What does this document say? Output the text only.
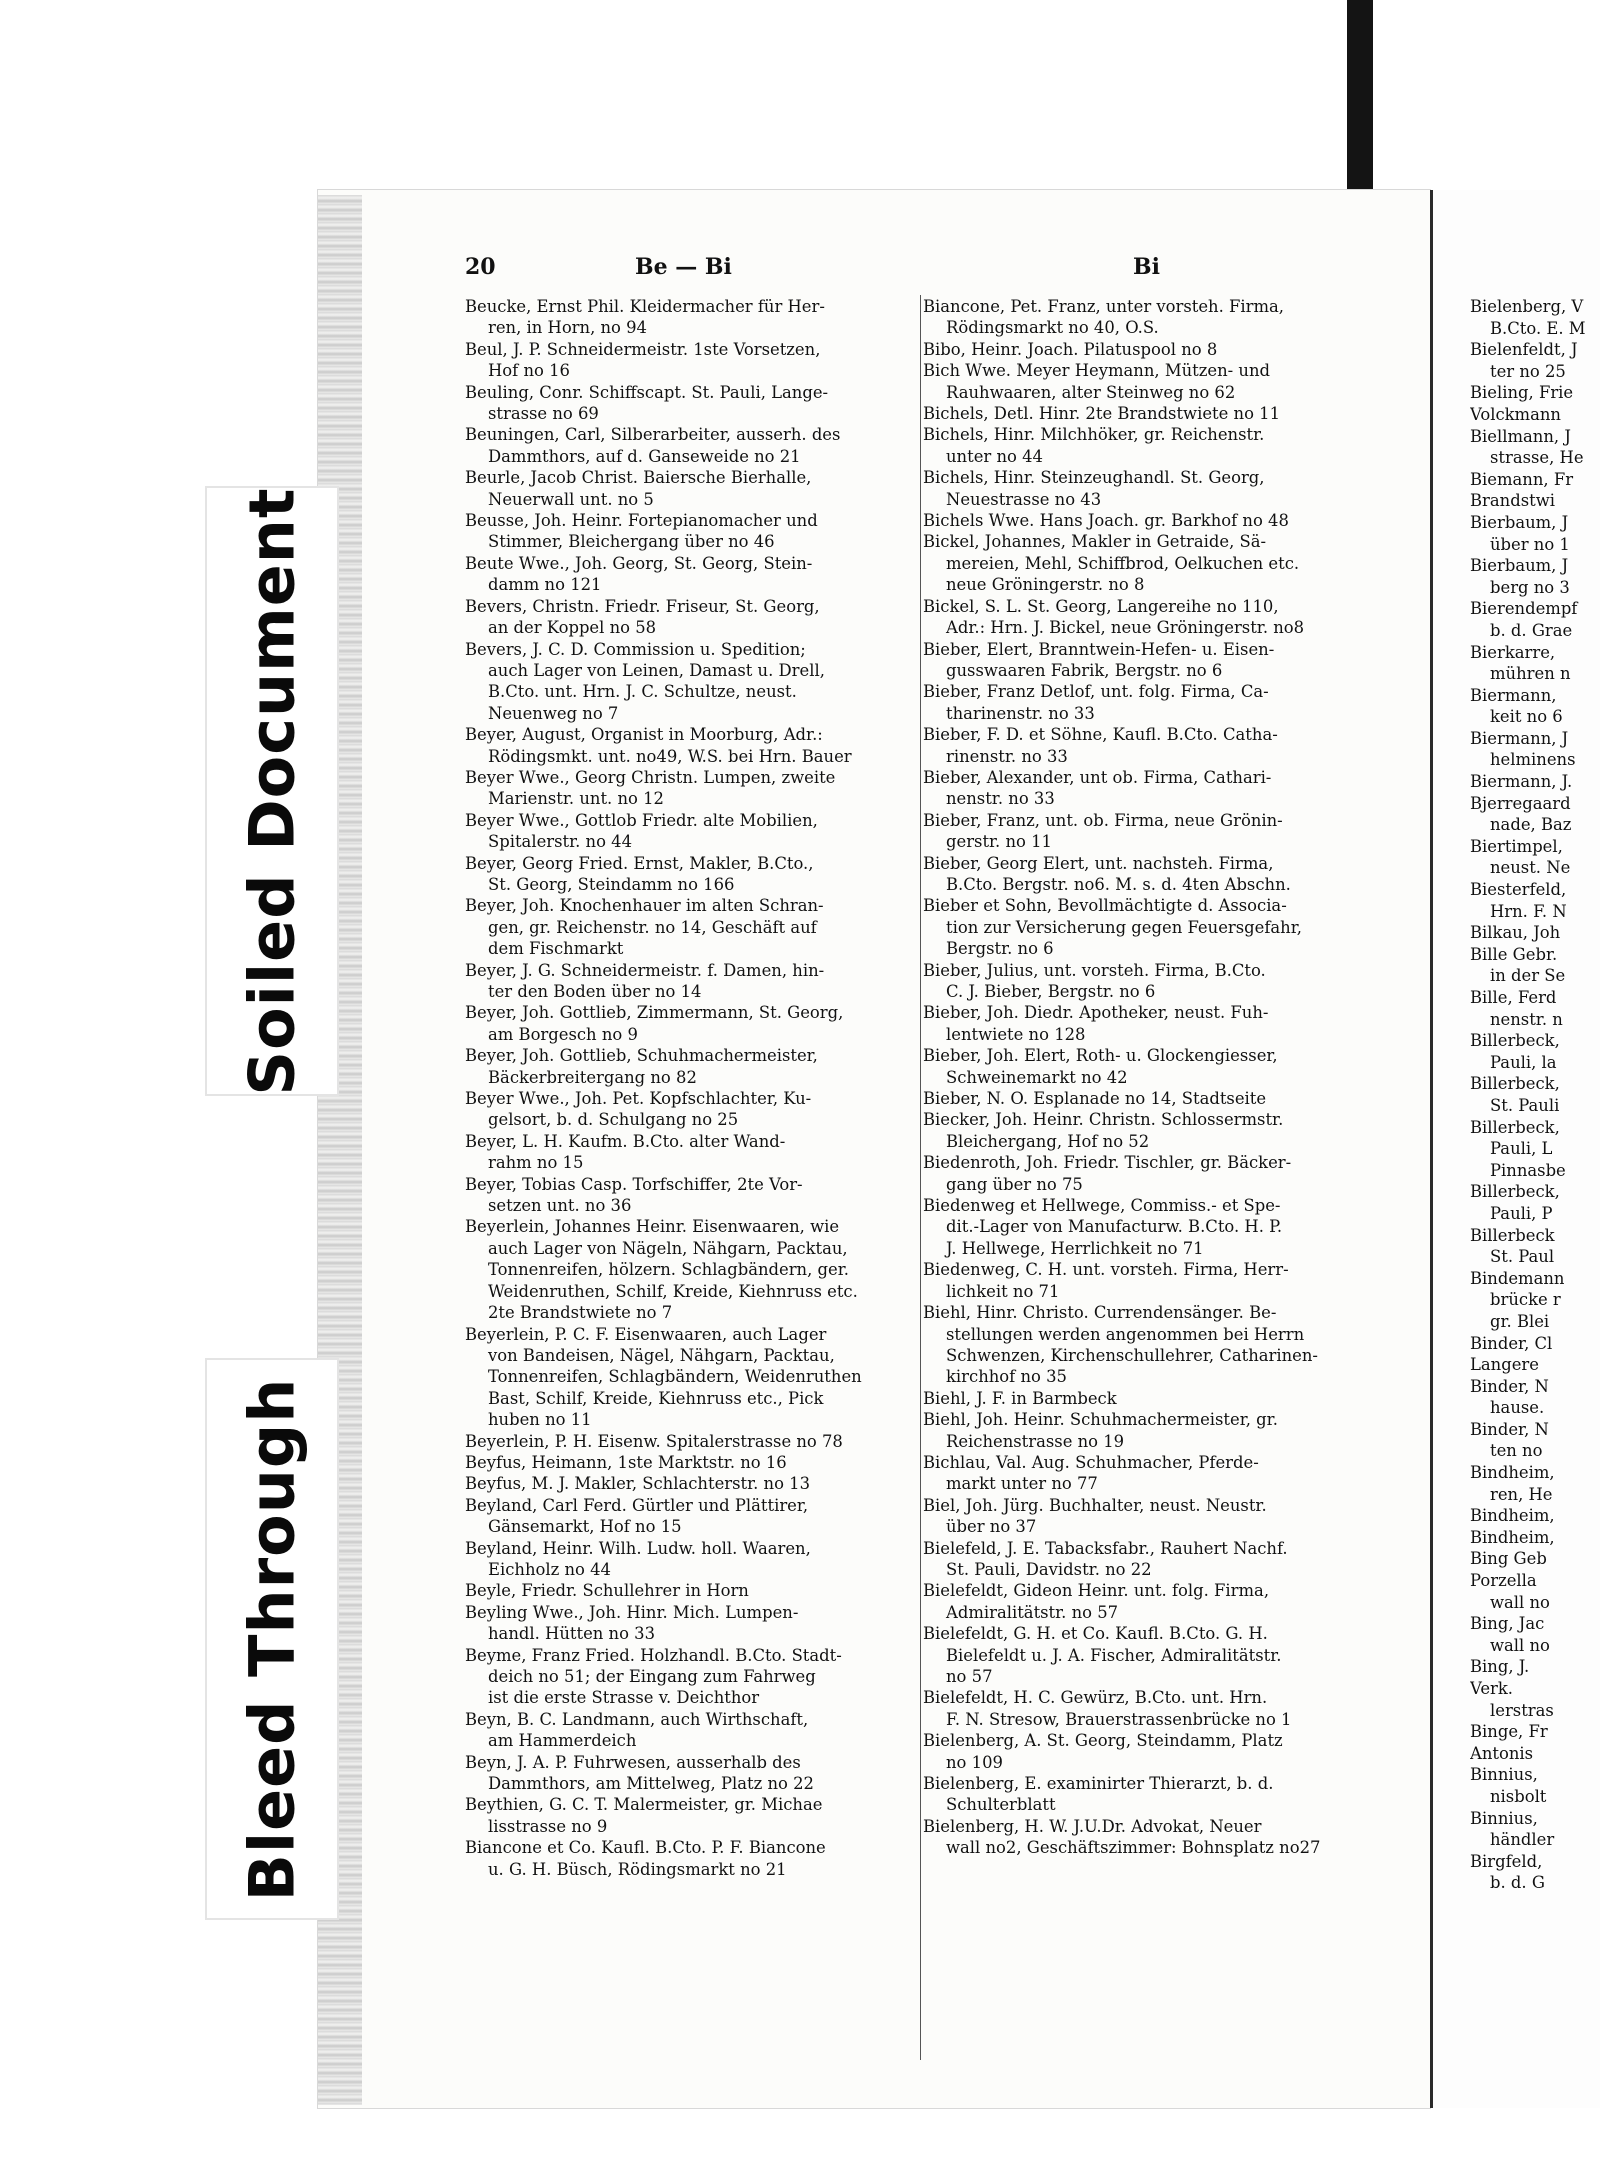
Soiled Document
Bleed Through
20	Be — Bi	Bi
Beucke, Ernst Phil. Kleidermacher für Her-
ren, in Horn, no 94
Beul, J. P. Schneidermeistr. 1ste Vorsetzen,
Hof no 16
Beuling, Conr. Schiffscapt. St. Pauli, Lange-
strasse no 69
Beuningen, Carl, Silberarbeiter, ausserh. des
Dammthors, auf d. Ganseweide no 21
Beurle, Jacob Christ. Baiersche Bierhalle,
Neuerwall unt. no 5
Beusse, Joh. Heinr. Fortepianomacher und
Stimmer, Bleichergang über no 46
Beute Wwe., Joh. Georg, St. Georg, Stein-
damm no 121
Bevers, Christn. Friedr. Friseur, St. Georg,
an der Koppel no 58
Bevers, J. C. D. Commission u. Spedition;
auch Lager von Leinen, Damast u. Drell,
B.Cto. unt. Hrn. J. C. Schultze, neust.
Neuenweg no 7
Beyer, August, Organist in Moorburg, Adr.:
Rödingsmkt. unt. no49, W.S. bei Hrn. Bauer
Beyer Wwe., Georg Christn. Lumpen, zweite
Marienstr. unt. no 12
Beyer Wwe., Gottlob Friedr. alte Mobilien,
Spitalerstr. no 44
Beyer, Georg Fried. Ernst, Makler, B.Cto.,
St. Georg, Steindamm no 166
Beyer, Joh. Knochenhauer im alten Schran-
gen, gr. Reichenstr. no 14, Geschäft auf
dem Fischmarkt
Beyer, J. G. Schneidermeistr. f. Damen, hin-
ter den Boden über no 14
Beyer, Joh. Gottlieb, Zimmermann, St. Georg,
am Borgesch no 9
Beyer, Joh. Gottlieb, Schuhmachermeister,
Bäckerbreitergang no 82
Beyer Wwe., Joh. Pet. Kopfschlachter, Ku-
gelsort, b. d. Schulgang no 25
Beyer, L. H. Kaufm. B.Cto. alter Wand-
rahm no 15
Beyer, Tobias Casp. Torfschiffer, 2te Vor-
setzen unt. no 36
Beyerlein, Johannes Heinr. Eisenwaaren, wie
auch Lager von Nägeln, Nähgarn, Packtau,
Tonnenreifen, hölzern. Schlagbändern, ger.
Weidenruthen, Schilf, Kreide, Kiehnruss etc.
2te Brandstwiete no 7
Beyerlein, P. C. F. Eisenwaaren, auch Lager
von Bandeisen, Nägel, Nähgarn, Packtau,
Tonnenreifen, Schlagbändern, Weidenruthen
Bast, Schilf, Kreide, Kiehnruss etc., Pick
huben no 11
Beyerlein, P. H. Eisenw. Spitalerstrasse no 78
Beyfus, Heimann, 1ste Marktstr. no 16
Beyfus, M. J. Makler, Schlachterstr. no 13
Beyland, Carl Ferd. Gürtler und Plättirer,
Gänsemarkt, Hof no 15
Beyland, Heinr. Wilh. Ludw. holl. Waaren,
Eichholz no 44
Beyle, Friedr. Schullehrer in Horn
Beyling Wwe., Joh. Hinr. Mich. Lumpen-
handl. Hütten no 33
Beyme, Franz Fried. Holzhandl. B.Cto. Stadt-
deich no 51; der Eingang zum Fahrweg
ist die erste Strasse v. Deichthor
Beyn, B. C. Landmann, auch Wirthschaft,
am Hammerdeich
Beyn, J. A. P. Fuhrwesen, ausserhalb des
Dammthors, am Mittelweg, Platz no 22
Beythien, G. C. T. Malermeister, gr. Michae
lisstrasse no 9
Biancone et Co. Kaufl. B.Cto. P. F. Biancone
u. G. H. Büsch, Rödingsmarkt no 21
Biancone, Pet. Franz, unter vorsteh. Firma,
Rödingsmarkt no 40, O.S.
Bibo, Heinr. Joach. Pilatuspool no 8
Bich Wwe. Meyer Heymann, Mützen- und
Rauhwaaren, alter Steinweg no 62
Bichels, Detl. Hinr. 2te Brandstwiete no 11
Bichels, Hinr. Milchhöker, gr. Reichenstr.
unter no 44
Bichels, Hinr. Steinzeughandl. St. Georg,
Neuestrasse no 43
Bichels Wwe. Hans Joach. gr. Barkhof no 48
Bickel, Johannes, Makler in Getraide, Sä-
mereien, Mehl, Schiffbrod, Oelkuchen etc.
neue Gröningerstr. no 8
Bickel, S. L. St. Georg, Langereihe no 110,
Adr.: Hrn. J. Bickel, neue Gröningerstr. no8
Bieber, Elert, Branntwein-Hefen- u. Eisen-
gusswaaren Fabrik, Bergstr. no 6
Bieber, Franz Detlof, unt. folg. Firma, Ca-
tharinenstr. no 33
Bieber, F. D. et Söhne, Kaufl. B.Cto. Catha-
rinenstr. no 33
Bieber, Alexander, unt ob. Firma, Cathari-
nenstr. no 33
Bieber, Franz, unt. ob. Firma, neue Grönin-
gerstr. no 11
Bieber, Georg Elert, unt. nachsteh. Firma,
B.Cto. Bergstr. no6. M. s. d. 4ten Abschn.
Bieber et Sohn, Bevollmächtigte d. Associa-
tion zur Versicherung gegen Feuersgefahr,
Bergstr. no 6
Bieber, Julius, unt. vorsteh. Firma, B.Cto.
C. J. Bieber, Bergstr. no 6
Bieber, Joh. Diedr. Apotheker, neust. Fuh-
lentwiete no 128
Bieber, Joh. Elert, Roth- u. Glockengiesser,
Schweinemarkt no 42
Bieber, N. O. Esplanade no 14, Stadtseite
Biecker, Joh. Heinr. Christn. Schlossermstr.
Bleichergang, Hof no 52
Biedenroth, Joh. Friedr. Tischler, gr. Bäcker-
gang über no 75
Biedenweg et Hellwege, Commiss.- et Spe-
dit.-Lager von Manufacturw. B.Cto. H. P.
J. Hellwege, Herrlichkeit no 71
Biedenweg, C. H. unt. vorsteh. Firma, Herr-
lichkeit no 71
Biehl, Hinr. Christo. Currendensänger. Be-
stellungen werden angenommen bei Herrn
Schwenzen, Kirchenschullehrer, Catharinen-
kirchhof no 35
Biehl, J. F. in Barmbeck
Biehl, Joh. Heinr. Schuhmachermeister, gr.
Reichenstrasse no 19
Bichlau, Val. Aug. Schuhmacher, Pferde-
markt unter no 77
Biel, Joh. Jürg. Buchhalter, neust. Neustr.
über no 37
Bielefeld, J. E. Tabacksfabr., Rauhert Nachf.
St. Pauli, Davidstr. no 22
Bielefeldt, Gideon Heinr. unt. folg. Firma,
Admiralitätstr. no 57
Bielefeldt, G. H. et Co. Kaufl. B.Cto. G. H.
Bielefeldt u. J. A. Fischer, Admiralitätstr.
no 57
Bielefeldt, H. C. Gewürz, B.Cto. unt. Hrn.
F. N. Stresow, Brauerstrassenbrücke no 1
Bielenberg, A. St. Georg, Steindamm, Platz
no 109
Bielenberg, E. examinirter Thierarzt, b. d.
Schulterblatt
Bielenberg, H. W. J.U.Dr. Advokat, Neuer
wall no2, Geschäftszimmer: Bohnsplatz no27
Bielenberg, V
B.Cto. E. M
Bielenfeldt, J
ter no 25
Bieling, Frie
Volckmann
Biellmann, J
strasse, He
Biemann, Fr
Brandstwi
Bierbaum, J
über no 1
Bierbaum, J
berg no 3
Bierendempf
b. d. Grae
Bierkarre,
mühren n
Biermann,
keit no 6
Biermann, J
helminens
Biermann, J.
Bjerregaard
nade, Baz
Biertimpel,
neust. Ne
Biesterfeld,
Hrn. F. N
Bilkau, Joh
Bille Gebr.
in der Se
Bille, Ferd
nenstr. n
Billerbeck,
Pauli, la
Billerbeck,
St. Pauli
Billerbeck,
Pauli, L
Pinnasbe
Billerbeck,
Pauli, P
Billerbeck
St. Paul
Bindemann
brücke r
gr. Blei
Binder, Cl
Langere
Binder, N
hause.
Binder, N
ten no
Bindheim,
ren, He
Bindheim,
Bindheim,
Bing Geb
Porzella
wall no
Bing, Jac
wall no
Bing, J.
Verk.
lerstras
Binge, Fr
Antonis
Binnius,
nisbolt
Binnius,
händler
Birgfeld,
b. d. G
